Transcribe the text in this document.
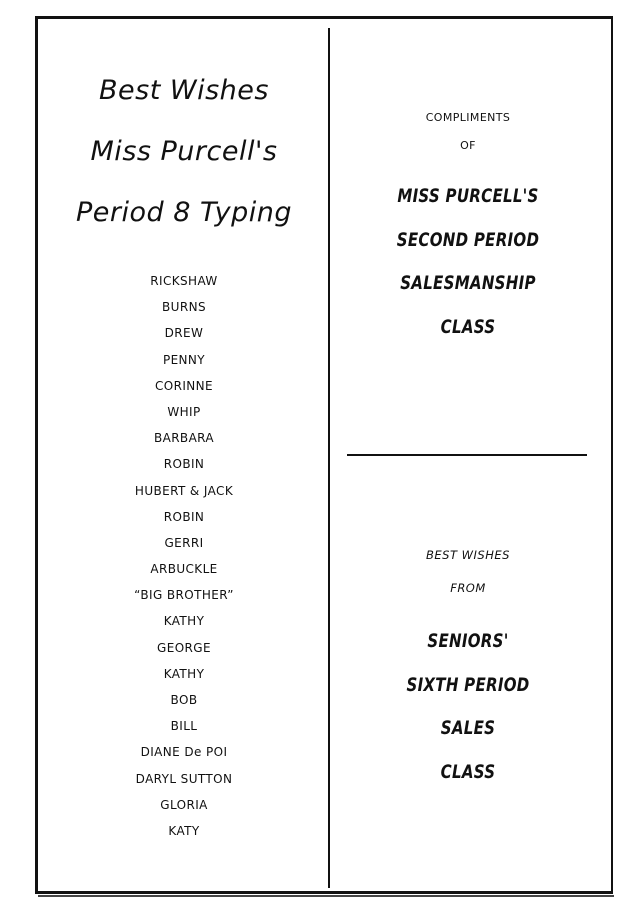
Best Wishes

Miss Purcell's

Period 8 Typing

RICKSHAW
BURNS
DREW
PENNY
CORINNE
WHIP
BARBARA
ROBIN
HUBERT & JACK
ROBIN
GERRI
ARBUCKLE
“BIG BROTHER”
KATHY
GEORGE
KATHY
BOB
BILL
DIANE De POI
DARYL SUTTON
GLORIA
KATY

COMPLIMENTS

OF

MISS PURCELL'S

SECOND PERIOD

SALESMANSHIP

CLASS

BEST WISHES

FROM

SENIORS'

SIXTH PERIOD

SALES

CLASS
